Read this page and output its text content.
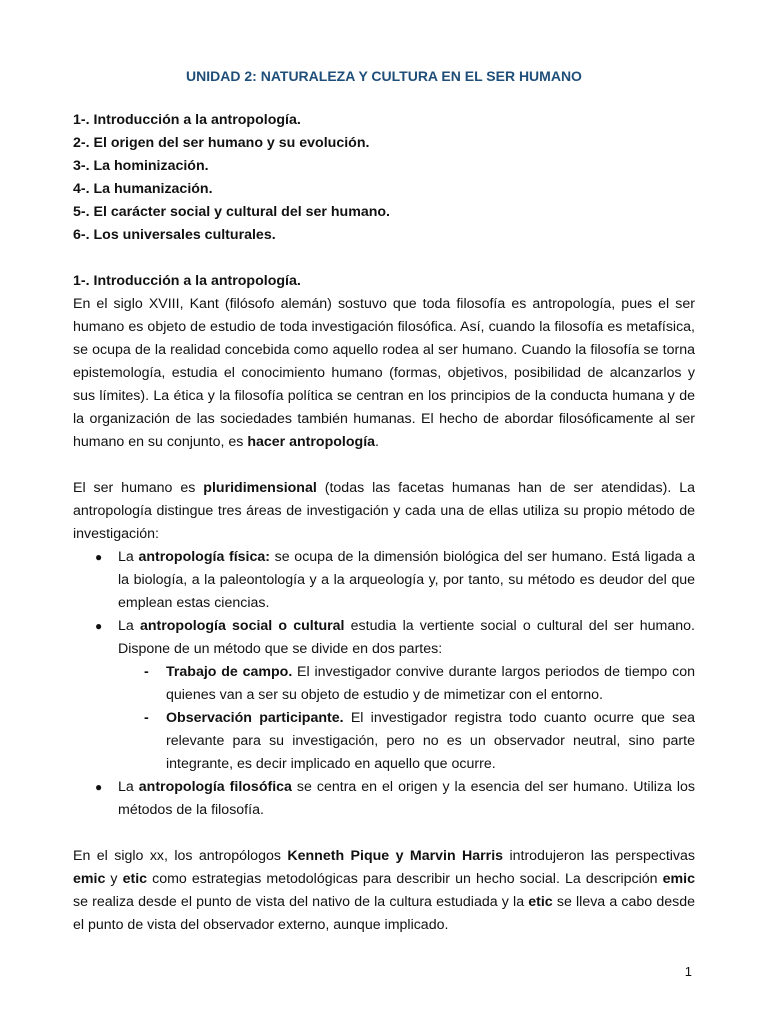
UNIDAD 2: NATURALEZA Y CULTURA EN EL SER HUMANO
1-. Introducción a la antropología.
2-. El origen del ser humano y su evolución.
3-. La hominización.
4-. La humanización.
5-. El carácter social y cultural del ser humano.
6-. Los universales culturales.
1-. Introducción a la antropología.

En el siglo XVIII, Kant (filósofo alemán) sostuvo que toda filosofía es antropología, pues el ser humano es objeto de estudio de toda investigación filosófica. Así, cuando la filosofía es metafísica, se ocupa de la realidad concebida como aquello rodea al ser humano. Cuando la filosofía se torna epistemología, estudia el conocimiento humano (formas, objetivos, posibilidad de alcanzarlos y sus límites). La ética y la filosofía política se centran en los principios de la conducta humana y de la organización de las sociedades también humanas. El hecho de abordar filosóficamente al ser humano en su conjunto, es hacer antropología.

El ser humano es pluridimensional (todas las facetas humanas han de ser atendidas). La antropología distingue tres áreas de investigación y cada una de ellas utiliza su propio método de investigación:

● La antropología física: se ocupa de la dimensión biológica del ser humano. Está ligada a la biología, a la paleontología y a la arqueología y, por tanto, su método es deudor del que emplean estas ciencias.
● La antropología social o cultural estudia la vertiente social o cultural del ser humano. Dispone de un método que se divide en dos partes:
- Trabajo de campo. El investigador convive durante largos periodos de tiempo con quienes van a ser su objeto de estudio y de mimetizar con el entorno.
- Observación participante. El investigador registra todo cuanto ocurre que sea relevante para su investigación, pero no es un observador neutral, sino parte integrante, es decir implicado en aquello que ocurre.
● La antropología filosófica se centra en el origen y la esencia del ser humano. Utiliza los métodos de la filosofía.

En el siglo xx, los antropólogos Kenneth Pique y Marvin Harris introdujeron las perspectivas emic y etic como estrategias metodológicas para describir un hecho social. La descripción emic se realiza desde el punto de vista del nativo de la cultura estudiada y la etic se lleva a cabo desde el punto de vista del observador externo, aunque implicado.

1
